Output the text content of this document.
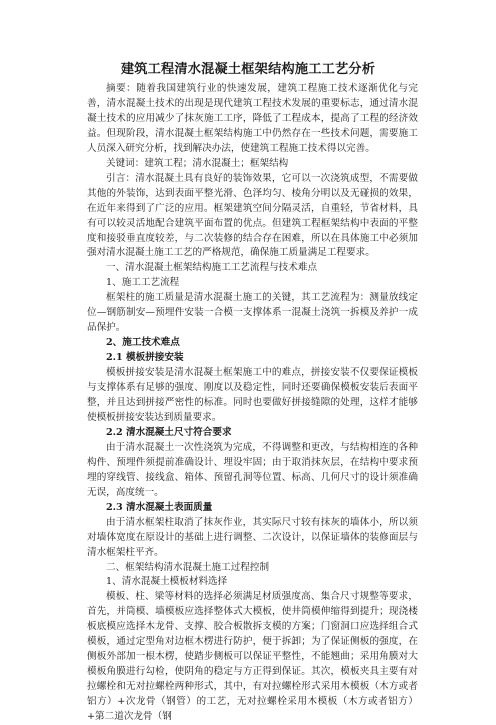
建筑工程清水混凝土框架结构施工工艺分析

摘要：随着我国建筑行业的快速发展，建筑工程施工技术逐渐优化与完善，清水混凝土技术的出现是现代建筑工程技术发展的重要标志，通过清水混凝土技术的应用减少了抹灰施工工序，降低了工程成本，提高了工程的经济效益。但现阶段，清水混凝土框架结构施工中仍然存在一些技术问题，需要施工人员深入研究分析，找到解决办法，使建筑工程施工技术得以完善。

关键词：建筑工程；清水混凝土；框架结构

引言：清水混凝土具有良好的装饰效果，它可以一次浇筑成型，不需要做其他的外装饰，达到表面平整光滑、色泽均匀、棱角分明以及无碰损的效果，在近年来得到了广泛的应用。框架建筑空间分隔灵活，自重轻，节省材料，具有可以较灵活地配合建筑平面布置的优点。但建筑工程框架结构中表面的平整度和接驳垂直度较差，与二次装修的结合存在困难，所以在具体施工中必须加强对清水混凝土施工工艺的严格规范，确保施工质量满足工程要求。

一、清水混凝土框架结构施工工艺流程与技术难点

1、施工工艺流程

框架柱的施工质量是清水混凝土施工的关键，其工艺流程为：测量放线定位—钢筋制安—预埋件安装一合模一支撑体系一混凝土浇筑一拆模及养护一成品保护。

2、施工技术难点

2.1 模板拼接安装

模板拼接安装是清水混凝土框架施工中的难点，拼接安装不仅要保证模板与支撑体系有足够的强度、刚度以及稳定性，同时还要确保模板安装后表面平整，并且达到拼接严密性的标准。同时也要做好拼接缝隙的处理，这样才能够使模板拼接安装达到质量要求。

2.2 清水混凝土尺寸符合要求

由于清水混凝土一次性浇筑为完成，不得调整和更改，与结构相连的各种构件、预埋件须提前准确设计、埋设牢固；由于取消抹灰层，在结构中要求预埋的穿线管、接线盒、箱体、预留孔洞等位置、标高、几何尺寸的设计须准确无误，高度统一。

2.3 清水混凝土表面质量

由于清水框架柱取消了抹灰作业，其实际尺寸较有抹灰的墙体小，所以须对墙体宽度在原设计的基础上进行调整、二次设计，以保证墙体的装修面层与清水框架柱平齐。

二、框架结构清水混凝土施工过程控制

1、清水混凝土模板材料选择

模板、柱、梁等材料的选择必须满足材质强度高、集合尺寸规整等要求，首先，并筒模、墙模板应选择整体式大模板，使井筒模伸缩得到提升；现浇楼板底模应选择木龙骨、支撑、胶合板散拆支模的方案；门窗洞口应选择组合式模板，通过定型角对边框木楞进行防护，便于拆卸；为了保证侧板的强度，在侧板外部加一根木楞，使踏步侧板可以保证平整性，不能翘曲；采用角膜对大模板角膜进行勾检，使阴角的稳定与方正得到保证。其次，模板夹具主要有对拉螺栓和无对拉螺栓两种形式，其中，有对拉螺栓形式采用木模板（木方或者铝方）+次龙骨（钢管）的工艺，无对拉螺栓采用木模板（木方或者铝方）+第二道次龙骨（钢
